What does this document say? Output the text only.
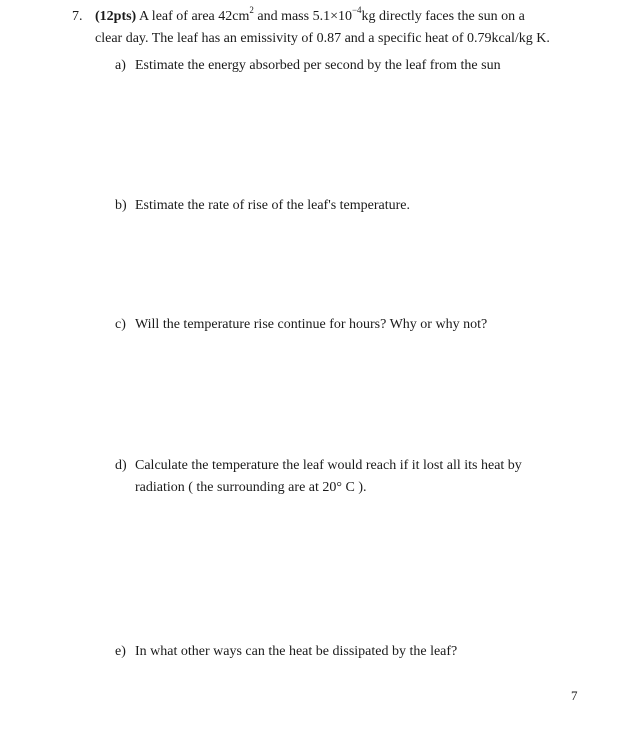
7. (12pts) A leaf of area $42cm^2$ and mass $5.1\times 10^{-4}kg$ directly faces the sun on a
clear day. The leaf has an emissivity of 0.87 and a specific heat of 0.79kcal/kg K.
a) Estimate the energy absorbed per second by the leaf from the sun
b) Estimate the rate of rise of the leaf's temperature.
c) Will the temperature rise continue for hours? Why or why not?
d) Calculate the temperature the leaf would reach if it lost all its heat by
radiation ( the surrounding are at 20° C ).
e) In what other ways can the heat be dissipated by the leaf?
7
